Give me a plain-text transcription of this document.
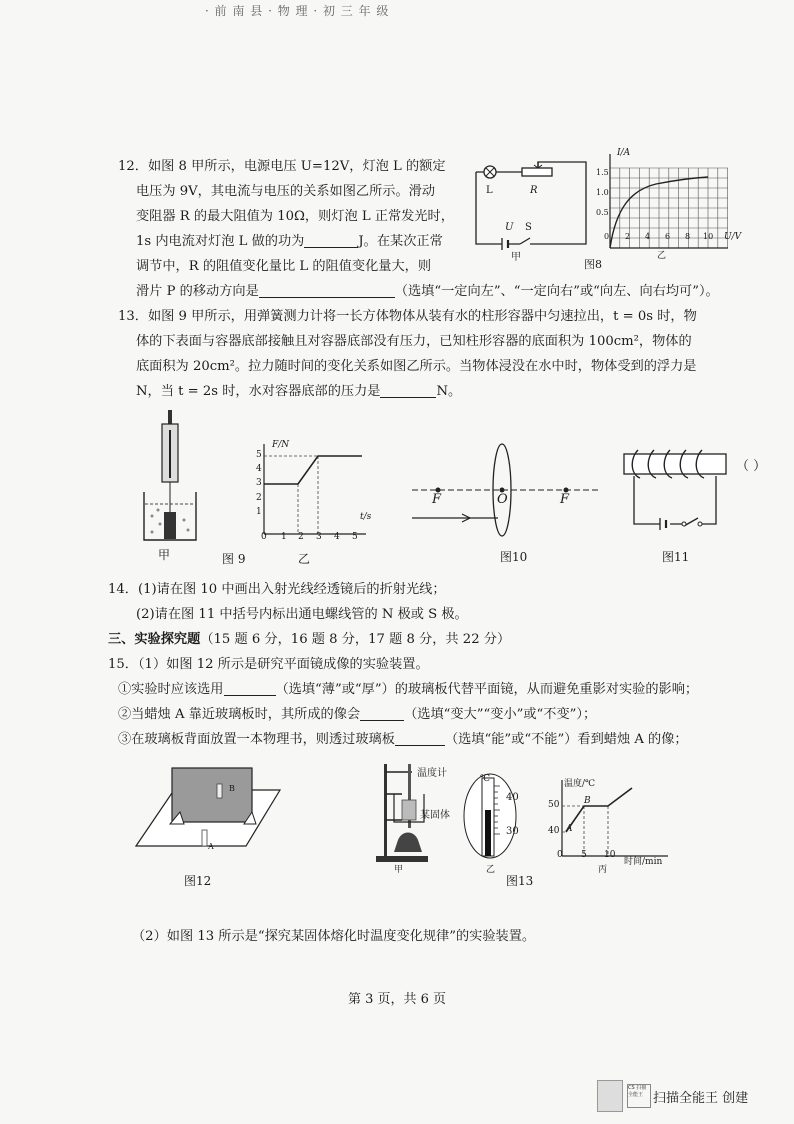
· 前 南 县 · 物 理 · 初 三 年 级
12．如图 8 甲所示，电源电压 U=12V，灯泡 L 的额定
电压为 9V，其电流与电压的关系如图乙所示。滑动
变阻器 R 的最大阻值为 10Ω，则灯泡 L 正常发光时，
1s 内电流对灯泡 L 做的功为	J。在某次正常
调节中，R 的阻值变化量比 L 的阻值变化量大，则
滑片 P 的移动方向是	（选填“一定向左”、“一定向右”或“向左、向右均可”）。
L	R
U S
甲
I/A
1.5
1.0
0.5
0 2 4 6 8 10 U/V
乙
图8
13．如图 9 甲所示，用弹簧测力计将一长方体物体从装有水的柱形容器中匀速拉出，t = 0s 时，物
体的下表面与容器底部接触且对容器底部没有压力，已知柱形容器的底面积为 100cm²，物体的
底面积为 20cm²。拉力随时间的变化关系如图乙所示。当物体浸没在水中时，物体受到的浮力是
N，当 t = 2s 时，水对容器底部的压力是	N。
甲	图 9
F/N
5
4
3
2
1
0 1 2 3 4 5
t/s
乙
F	O	F
图10
（ ）
图11
14．(1)请在图 10 中画出入射光线经透镜后的折射光线；
(2)请在图 11 中括号内标出通电螺线管的 N 极或 S 极。
三、实验探究题（15 题 6 分，16 题 8 分，17 题 8 分，共 22 分）
15．（1）如图 12 所示是研究平面镜成像的实验装置。
①实验时应该选用	（选填“薄”或“厚”）的玻璃板代替平面镜，从而避免重影对实验的影响；
②当蜡烛 A 靠近玻璃板时，其所成的像会	（选填“变大”“变小”或“不变”）；
③在玻璃板背面放置一本物理书，则透过玻璃板	（选填“能”或“不能”）看到蜡烛 A 的像；
B
A
图12
温度计
某固体
甲
℃
40
30
乙
图13
温度/℃
50
40 A
B
0 5 10
时间/min
丙
（2）如图 13 所示是“探究某固体熔化时温度变化规律”的实验装置。
第 3 页，共 6 页
CS 扫描全能王 扫描全能王 创建
